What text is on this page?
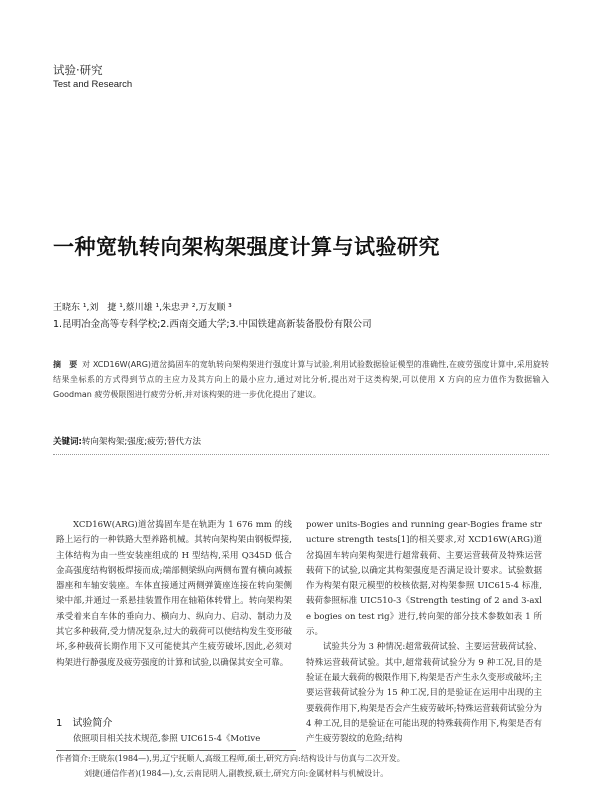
试验·研究
Test and Research
一种宽轨转向架构架强度计算与试验研究
王晓东 ¹,刘　捷 ¹,蔡川雄 ¹,朱忠尹 ²,万友顺 ³
1.昆明冶金高等专科学校;2.西南交通大学;3.中国铁建高新装备股份有限公司
摘　要 对 XCD16W(ARG)道岔捣固车的宽轨转向架构架进行强度计算与试验,利用试验数据验证模型的准确性,在疲劳强度计算中,采用旋转结果坐标系的方式得到节点的主应力及其方向上的最小应力,通过对比分析,提出对于这类构架,可以使用 X 方向的应力值作为数据输入 Goodman 疲劳极限图进行疲劳分析,并对该构架的进一步优化提出了建议。
关键词:转向架构架;强度;疲劳;替代方法

XCD16W(ARG)道岔捣固车是在轨距为 1 676 mm 的线路上运行的一种铁路大型养路机械。其转向架构架由钢板焊接,主体结构为由一些安装座组成的 H 型结构,采用 Q345D 低合金高强度结构钢板焊接而成;端部侧梁纵向两侧布置有横向减振器座和车轴安装座。车体直接通过两侧弹簧座连接在转向架侧梁中部,并通过一系悬挂装置作用在轴箱体转臂上。转向架构架承受着来自车体的垂向力、横向力、纵向力、启动、制动力及其它多种载荷,受力情况复杂,过大的载荷可以使结构发生变形破坏,多种载荷长期作用下又可能使其产生疲劳破坏,因此,必须对构架进行静强度及疲劳强度的计算和试验,以确保其安全可靠。

power units-Bogies and running gear-Bogies frame structure strength tests[1]的相关要求,对 XCD16W(ARG)道岔捣固车转向架构架进行超常载荷、主要运营载荷及特殊运营载荷下的试验,以确定其构架强度是否满足设计要求。试验数据作为构架有限元模型的校核依据,对构架参照 UIC615-4 标准,载荷参照标准 UIC510-3《Strength testing of 2 and 3-axle bogies on test rig》进行,转向架的部分技术参数如表 1 所示。

试验共分为 3 种情况:超常载荷试验、主要运营载荷试验、特殊运营载荷试验。其中,超常载荷试验分为 9 种工况,目的是验证在最大载荷的极限作用下,构架是否产生永久变形或破坏;主要运营载荷试验分为 15 种工况,目的是验证在运用中出现的主要载荷作用下,构架是否会产生疲劳破坏;特殊运营载荷试验分为 4 种工况,目的是验证在可能出现的特殊载荷作用下,构架是否有产生疲劳裂纹的危险;结构

1　试验简介
依照项目相关技术规范,参照 UIC615-4《Motive
作者简介:王晓东(1984—),男,辽宁抚顺人,高级工程师,硕士,研究方向:结构设计与仿真与二次开发。
刘捷(通信作者)(1984—),女,云南昆明人,副教授,硕士,研究方向:金属材料与机械设计。
